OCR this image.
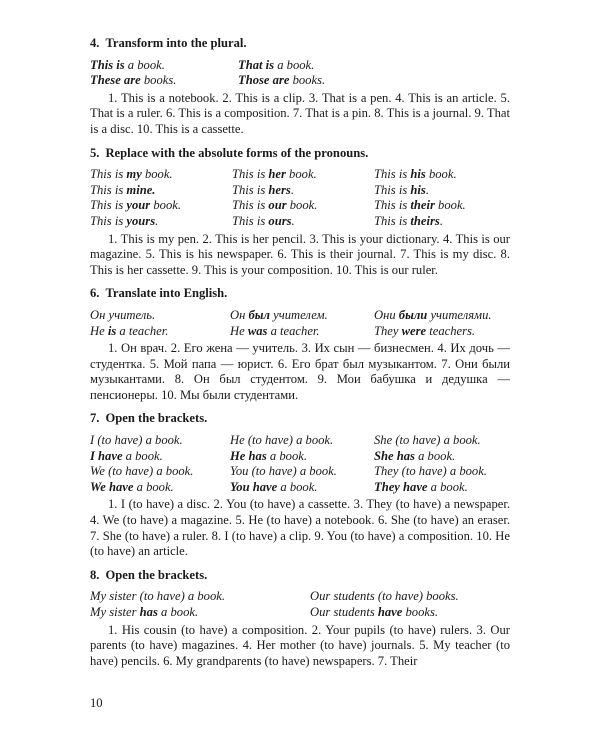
4. Transform into the plural.
This is a book.	That is a book.
These are books.	Those are books.

1. This is a notebook. 2. This is a clip. 3. That is a pen. 4. This is an article. 5. That is a ruler. 6. This is a composition. 7. That is a pin. 8. This is a journal. 9. That is a disc. 10. This is a cassette.

5. Replace with the absolute forms of the pronouns.
This is my book.	This is her book.	This is his book.
This is mine.	This is hers.	This is his.
This is your book.	This is our book.	This is their book.
This is yours.	This is ours.	This is theirs.

1. This is my pen. 2. This is her pencil. 3. This is your dictionary. 4. This is our magazine. 5. This is his newspaper. 6. This is their journal. 7. This is my disc. 8. This is her cassette. 9. This is your composition. 10. This is our ruler.

6. Translate into English.
Он учитель.	Он был учителем.	Они были учителями.
He is a teacher.	He was a teacher.	They were teachers.

1. Он врач. 2. Его жена — учитель. 3. Их сын — бизнесмен. 4. Их дочь — студентка. 5. Мой папа — юрист. 6. Его брат был музыкантом. 7. Они были музыкантами. 8. Он был студентом. 9. Мои бабушка и дедушка — пенсионеры. 10. Мы были студентами.

7. Open the brackets.
I (to have) a book.	He (to have) a book.	She (to have) a book.
I have a book.	He has a book.	She has a book.
We (to have) a book.	You (to have) a book.	They (to have) a book.
We have a book.	You have a book.	They have a book.

1. I (to have) a disc. 2. You (to have) a cassette. 3. They (to have) a newspaper. 4. We (to have) a magazine. 5. He (to have) a notebook. 6. She (to have) an eraser. 7. She (to have) a ruler. 8. I (to have) a clip. 9. You (to have) a composition. 10. He (to have) an article.

8. Open the brackets.
My sister (to have) a book.	Our students (to have) books.
My sister has a book.	Our students have books.

1. His cousin (to have) a composition. 2. Your pupils (to have) rulers. 3. Our parents (to have) magazines. 4. Her mother (to have) journals. 5. My teacher (to have) pencils. 6. My grandparents (to have) newspapers. 7. Their

10
